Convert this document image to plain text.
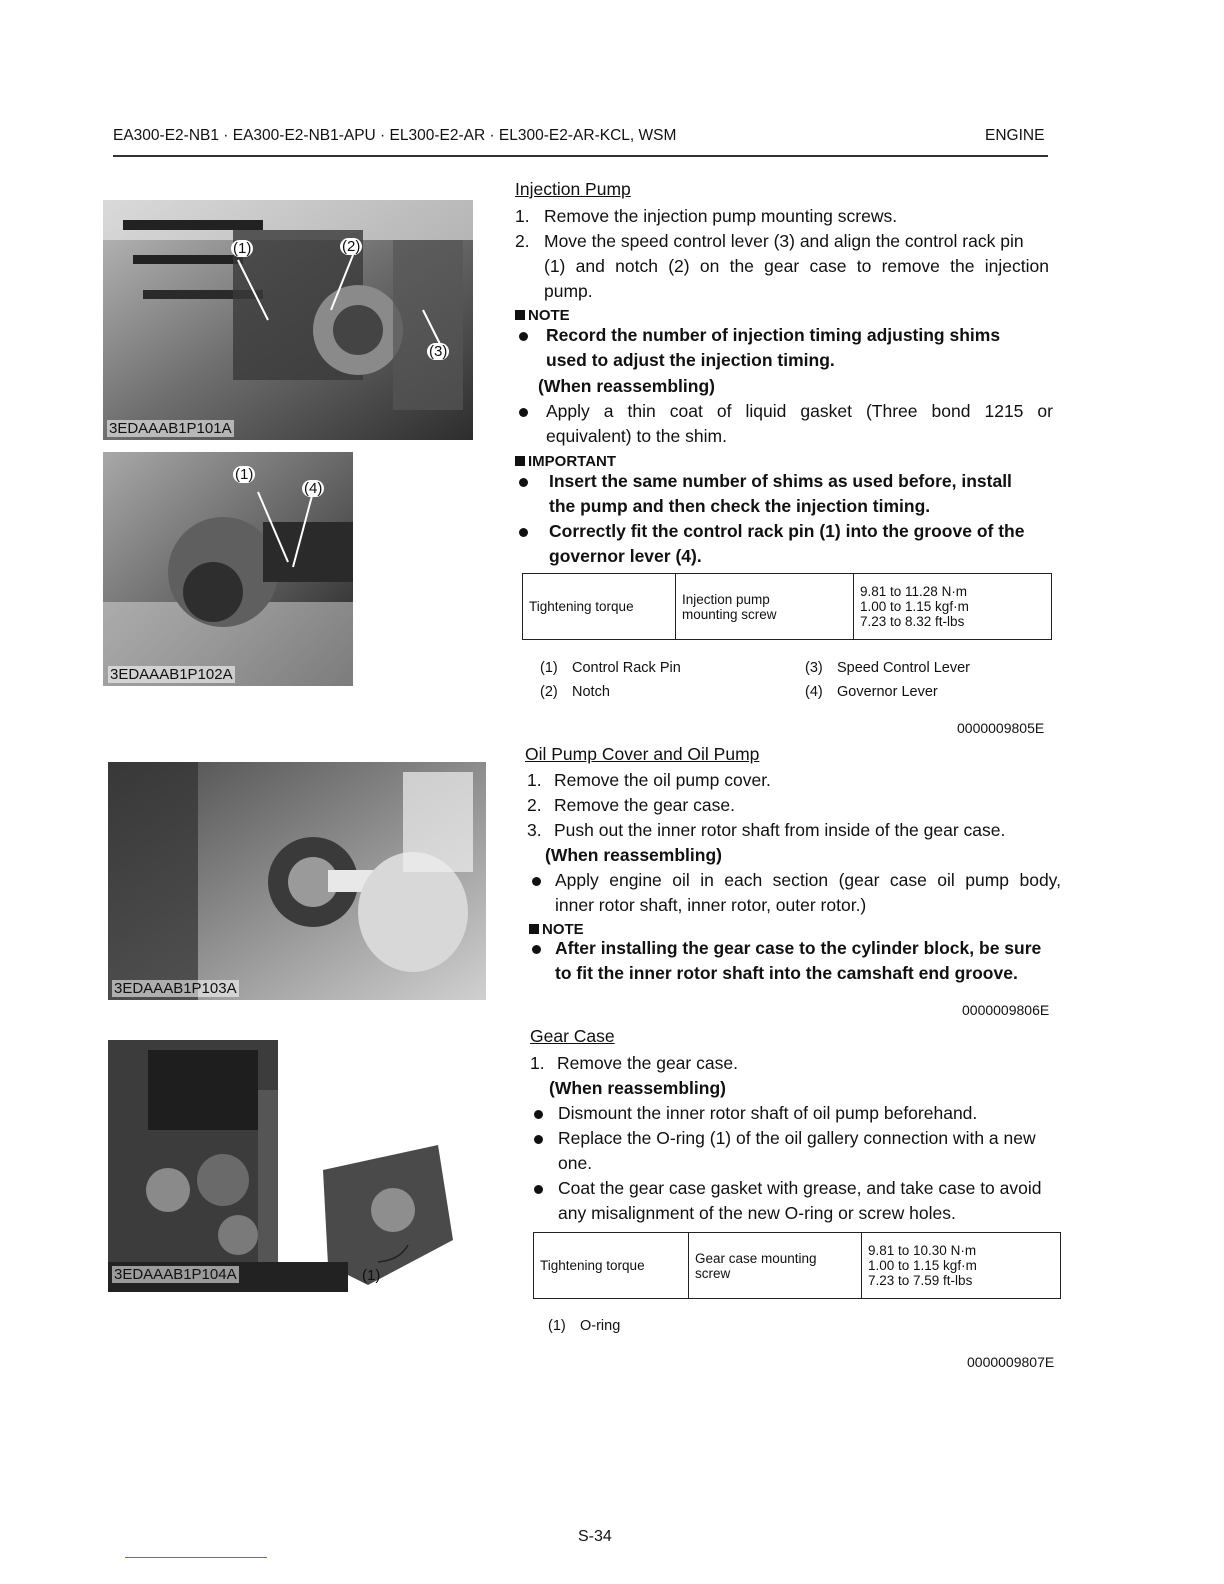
EA300-E2-NB1 · EA300-E2-NB1-APU · EL300-E2-AR · EL300-E2-AR-KCL, WSM	ENGINE
(1)	(2)
(3)
3EDAAAB1P101A
(1)
(4)
3EDAAAB1P102A
3EDAAAB1P103A
(1)
3EDAAAB1P104A
Injection Pump
1. Remove the injection pump mounting screws.
2. Move the speed control lever (3) and align the control rack pin
(1) and notch (2) on the gear case to remove the injection
pump.
NOTE
Record the number of injection timing adjusting shims
used to adjust the injection timing.
(When reassembling)
Apply a thin coat of liquid gasket (Three bond 1215 or
equivalent) to the shim.
IMPORTANT
Insert the same number of shims as used before, install
the pump and then check the injection timing.
Correctly fit the control rack pin (1) into the groove of the
governor lever (4).
Tightening torque	Injection pump
mounting screw

9.81 to 11.28 N·m
1.00 to 1.15 kgf·m
7.23 to 8.32 ft-lbs
(1) Control Rack Pin
(2) Notch
(3) Speed Control Lever
(4) Governor Lever
0000009805E
Oil Pump Cover and Oil Pump
1. Remove the oil pump cover.
2. Remove the gear case.
3. Push out the inner rotor shaft from inside of the gear case.
(When reassembling)
Apply engine oil in each section (gear case oil pump body,
inner rotor shaft, inner rotor, outer rotor.)
NOTE
After installing the gear case to the cylinder block, be sure
to fit the inner rotor shaft into the camshaft end groove.
0000009806E
Gear Case
1. Remove the gear case.
(When reassembling)
Dismount the inner rotor shaft of oil pump beforehand.
Replace the O-ring (1) of the oil gallery connection with a new
one.
Coat the gear case gasket with grease, and take case to avoid
any misalignment of the new O-ring or screw holes.
Tightening torque	Gear case mounting
screw

9.81 to 10.30 N·m
1.00 to 1.15 kgf·m
7.23 to 7.59 ft-lbs
(1) O-ring
0000009807E
S-34
